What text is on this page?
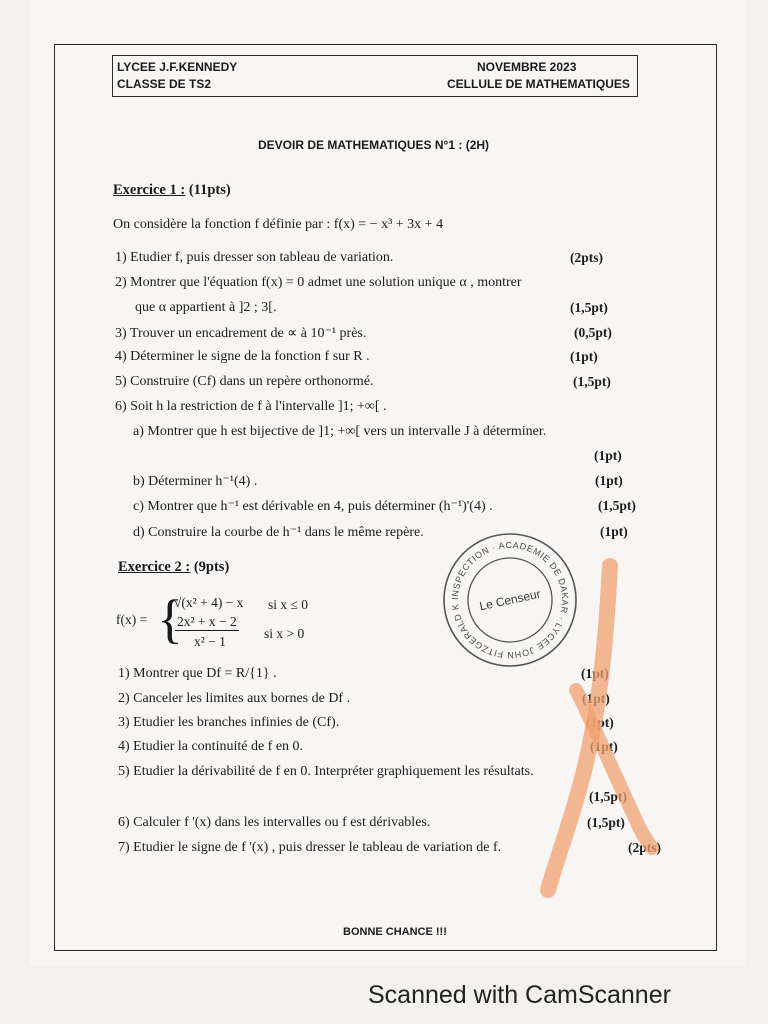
LYCEE J.F.KENNEDY
CLASSE DE TS2
NOVEMBRE 2023
CELLULE DE MATHEMATIQUES
DEVOIR DE MATHEMATIQUES N°1 : (2H)
Exercice 1 : (11pts)
On considère la fonction f définie par : f(x) = − x³ + 3x + 4
1) Etudier f, puis dresser son tableau de variation.	(2pts)
2) Montrer que l'équation f(x) = 0 admet une solution unique α , montrer
que α appartient à ]2 ; 3[.	(1,5pt)
3) Trouver un encadrement de ∝ à 10⁻¹ près.	(0,5pt)
4) Déterminer le signe de la fonction f sur R .	(1pt)
5) Construire (Cf) dans un repère orthonormé.	(1,5pt)
6) Soit h la restriction de f à l'intervalle ]1; +∞[ .
a) Montrer que h est bijective de ]1; +∞[ vers un intervalle J à déterminer.
(1pt)
b) Déterminer h⁻¹(4) .	(1pt)
c) Montrer que h⁻¹ est dérivable en 4, puis déterminer (h⁻¹)'(4) .	(1,5pt)
d) Construire la courbe de h⁻¹ dans le même repère.	(1pt)
Exercice 2 : (9pts)
f(x) = {
√(x² + 4) − x si x ≤ 0
2x² + x − 2
x² − 1
si x > 0
1) Montrer que Df = R/{1} .	(1pt)
2) Canceler les limites aux bornes de Df .	(1pt)
3) Etudier les branches infinies de (Cf).	(1pt)
4) Etudier la continuité de f en 0.	(1pt)
5) Etudier la dérivabilité de f en 0. Interpréter graphiquement les résultats.
(1,5pt)
6) Calculer f '(x) dans les intervalles ou f est dérivables.	(1,5pt)
7) Etudier le signe de f '(x) , puis dresser le tableau de variation de f.	(2pts)
BONNE CHANCE !!!
INSPECTION · ACADEMIE DE DAKAR · LYCEE JOHN FITZGERALD K	Le Censeur
Scanned with CamScanner
